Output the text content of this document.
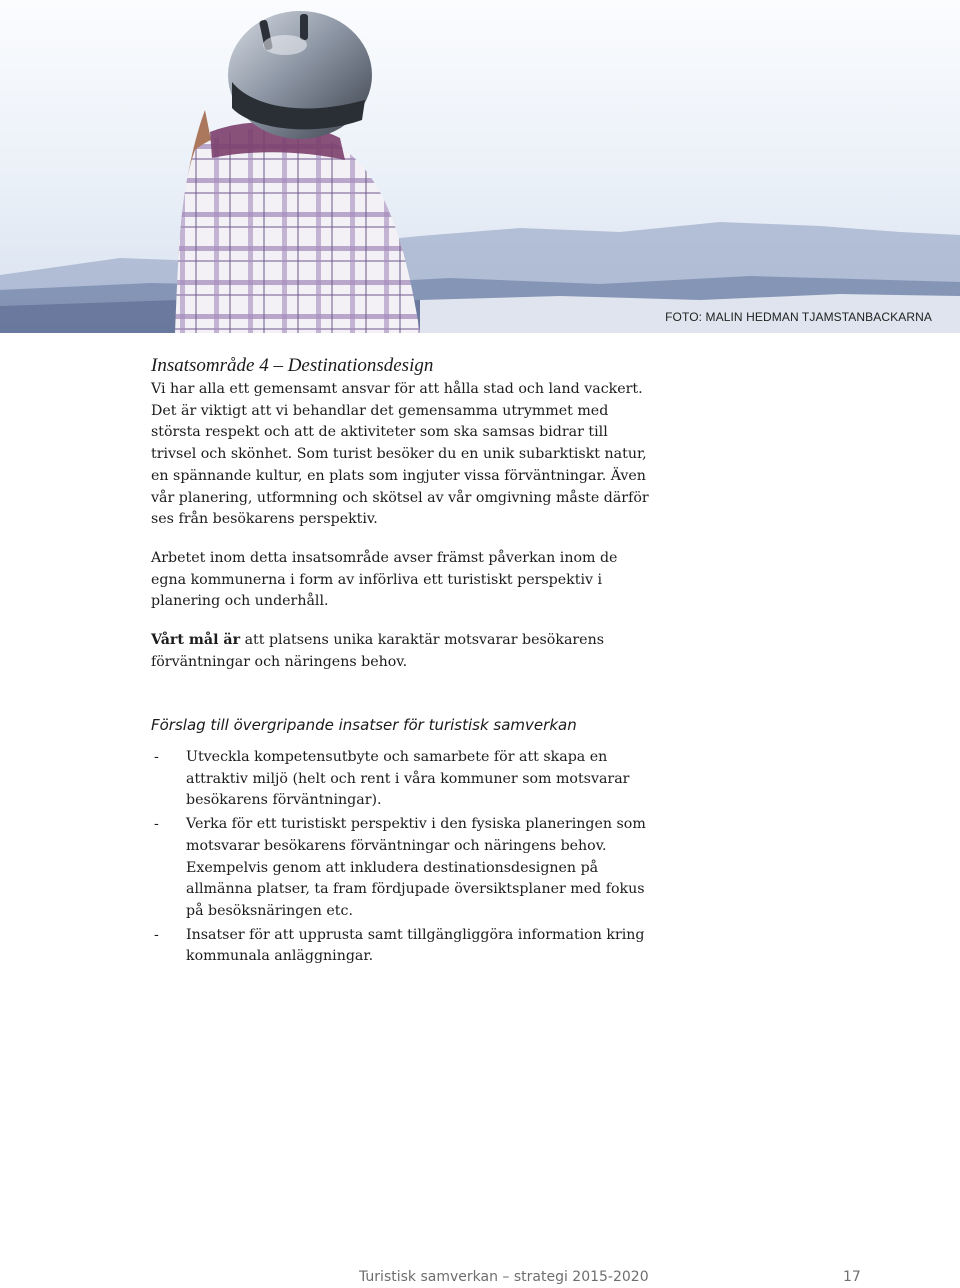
FOTO: MALIN HEDMAN TJAMSTANBACKARNA
Insatsområde 4 – Destinationsdesign

Vi har alla ett gemensamt ansvar för att hålla stad och land vackert. Det är viktigt att vi behandlar det gemensamma utrymmet med största respekt och att de aktiviteter som ska samsas bidrar till trivsel och skönhet. Som turist besöker du en unik subarktiskt natur, en spännande kultur, en plats som ingjuter vissa förväntningar. Även vår planering, utformning och skötsel av vår omgivning måste därför ses från besökarens perspektiv.

Arbetet inom detta insatsområde avser främst påverkan inom de egna kommunerna i form av införliva ett turistiskt perspektiv i planering och underhåll.

Vårt mål är att platsens unika karaktär motsvarar besökarens förväntningar och näringens behov.

Förslag till övergripande insatser för turistisk samverkan
- Utveckla kompetensutbyte och samarbete för att skapa en attraktiv miljö (helt och rent i våra kommuner som motsvarar besökarens förväntningar).
- Verka för ett turistiskt perspektiv i den fysiska planeringen som motsvarar besökarens förväntningar och näringens behov. Exempelvis genom att inkludera destinationsdesignen på allmänna platser, ta fram fördjupade översiktsplaner med fokus på besöksnäringen etc.
- Insatser för att upprusta samt tillgängliggöra information kring kommunala anläggningar.
Turistisk samverkan – strategi 2015-2020	17
